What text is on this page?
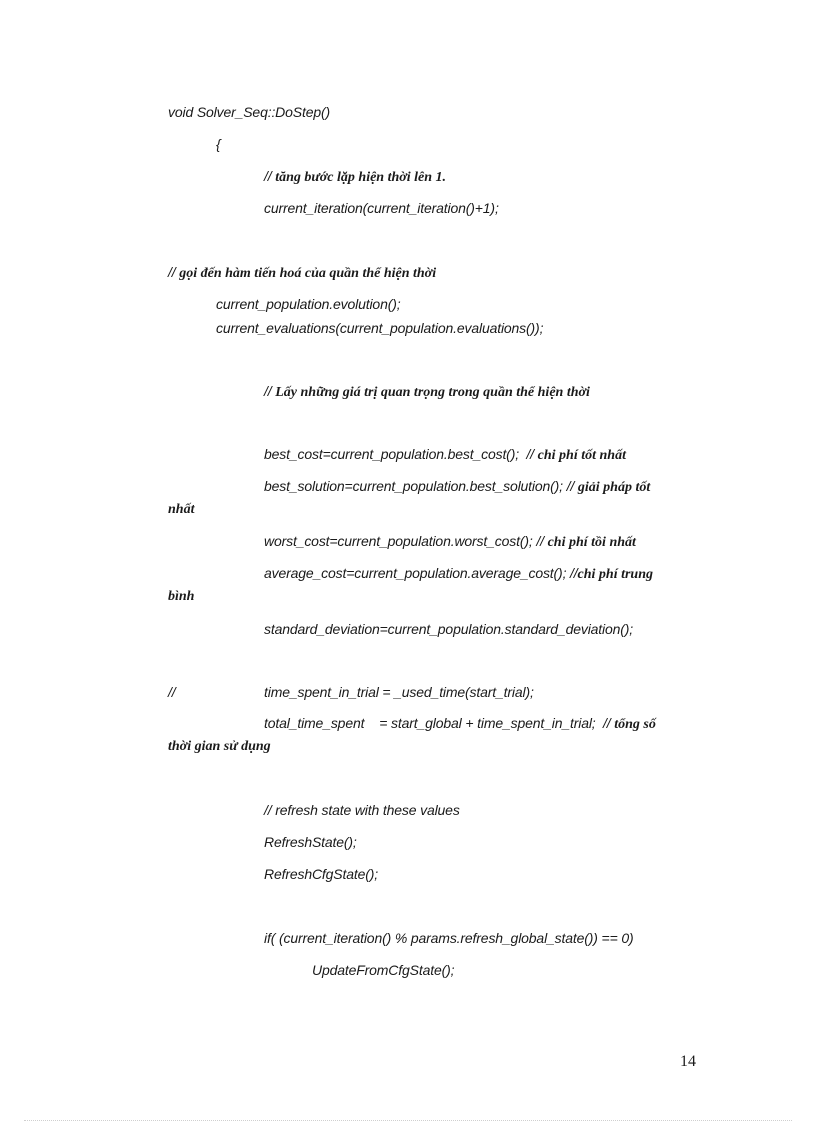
void Solver_Seq::DoStep()
{
// tăng bước lặp hiện thời lên 1.
current_iteration(current_iteration()+1);
// gọi đến hàm tiến hoá của quần thể hiện thời
current_population.evolution();
current_evaluations(current_population.evaluations());
// Lấy những giá trị quan trọng trong quần thể hiện thời
best_cost=current_population.best_cost();  // chi phí tốt nhất
best_solution=current_population.best_solution(); // giải pháp tốt
nhất
worst_cost=current_population.worst_cost(); // chi phí tồi nhất
average_cost=current_population.average_cost(); //chi phí trung
bình
standard_deviation=current_population.standard_deviation();
//	time_spent_in_trial = _used_time(start_trial);
total_time_spent    = start_global + time_spent_in_trial;  // tổng số
thời gian sử dụng
// refresh state with these values
RefreshState();
RefreshCfgState();
if( (current_iteration() % params.refresh_global_state()) == 0)
UpdateFromCfgState();
14
